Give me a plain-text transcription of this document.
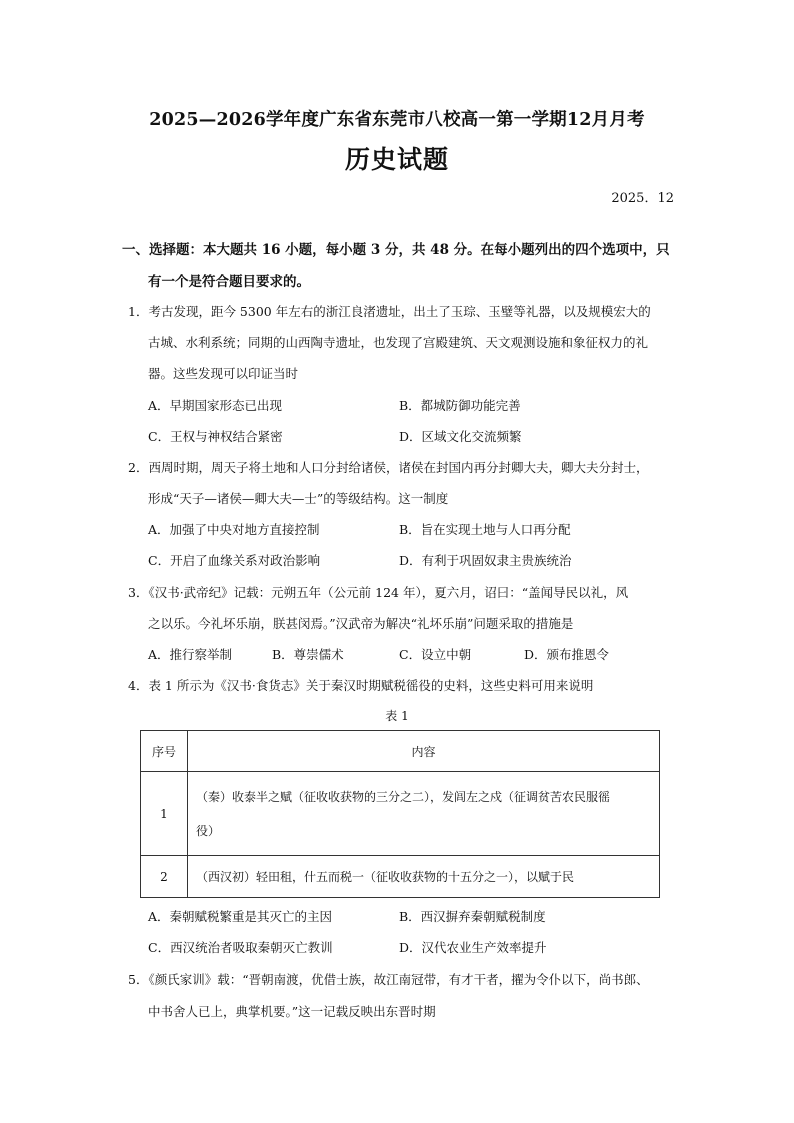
2025—2026学年度广东省东莞市八校高一第一学期12月月考
历史试题
2025．12
一、选择题：本大题共 16 小题，每小题 3 分，共 48 分。在每小题列出的四个选项中，只
有一个是符合题目要求的。
1．考古发现，距今 5300 年左右的浙江良渚遗址，出土了玉琮、玉璧等礼器，以及规模宏大的
古城、水利系统；同期的山西陶寺遗址，也发现了宫殿建筑、天文观测设施和象征权力的礼
器。这些发现可以印证当时
A．早期国家形态已出现	B．都城防御功能完善
C．王权与神权结合紧密	D．区域文化交流频繁
2．西周时期，周天子将土地和人口分封给诸侯，诸侯在封国内再分封卿大夫，卿大夫分封士，
形成“天子—诸侯—卿大夫—士”的等级结构。这一制度
A．加强了中央对地方直接控制	B．旨在实现土地与人口再分配
C．开启了血缘关系对政治影响	D．有利于巩固奴隶主贵族统治
3．《汉书·武帝纪》记载：元朔五年（公元前 124 年），夏六月，诏曰：“盖闻导民以礼，风
之以乐。今礼坏乐崩，朕甚闵焉。”汉武帝为解决“礼坏乐崩”问题采取的措施是
A．推行察举制	B．尊崇儒术	C．设立中朝	D．颁布推恩令
4．表 1 所示为《汉书·食货志》关于秦汉时期赋税徭役的史料，这些史料可用来说明
表 1
序号	内容
1	（秦）收泰半之赋（征收收获物的三分之二），发闾左之戍（征调贫苦农民服徭
役）

2	（西汉初）轻田租，什五而税一（征收收获物的十五分之一），以赋于民
A．秦朝赋税繁重是其灭亡的主因	B．西汉摒弃秦朝赋税制度
C．西汉统治者吸取秦朝灭亡教训	D．汉代农业生产效率提升
5．《颜氏家训》载：“晋朝南渡，优借士族，故江南冠带，有才干者，擢为令仆以下，尚书郎、
中书舍人已上，典掌机要。”这一记载反映出东晋时期
